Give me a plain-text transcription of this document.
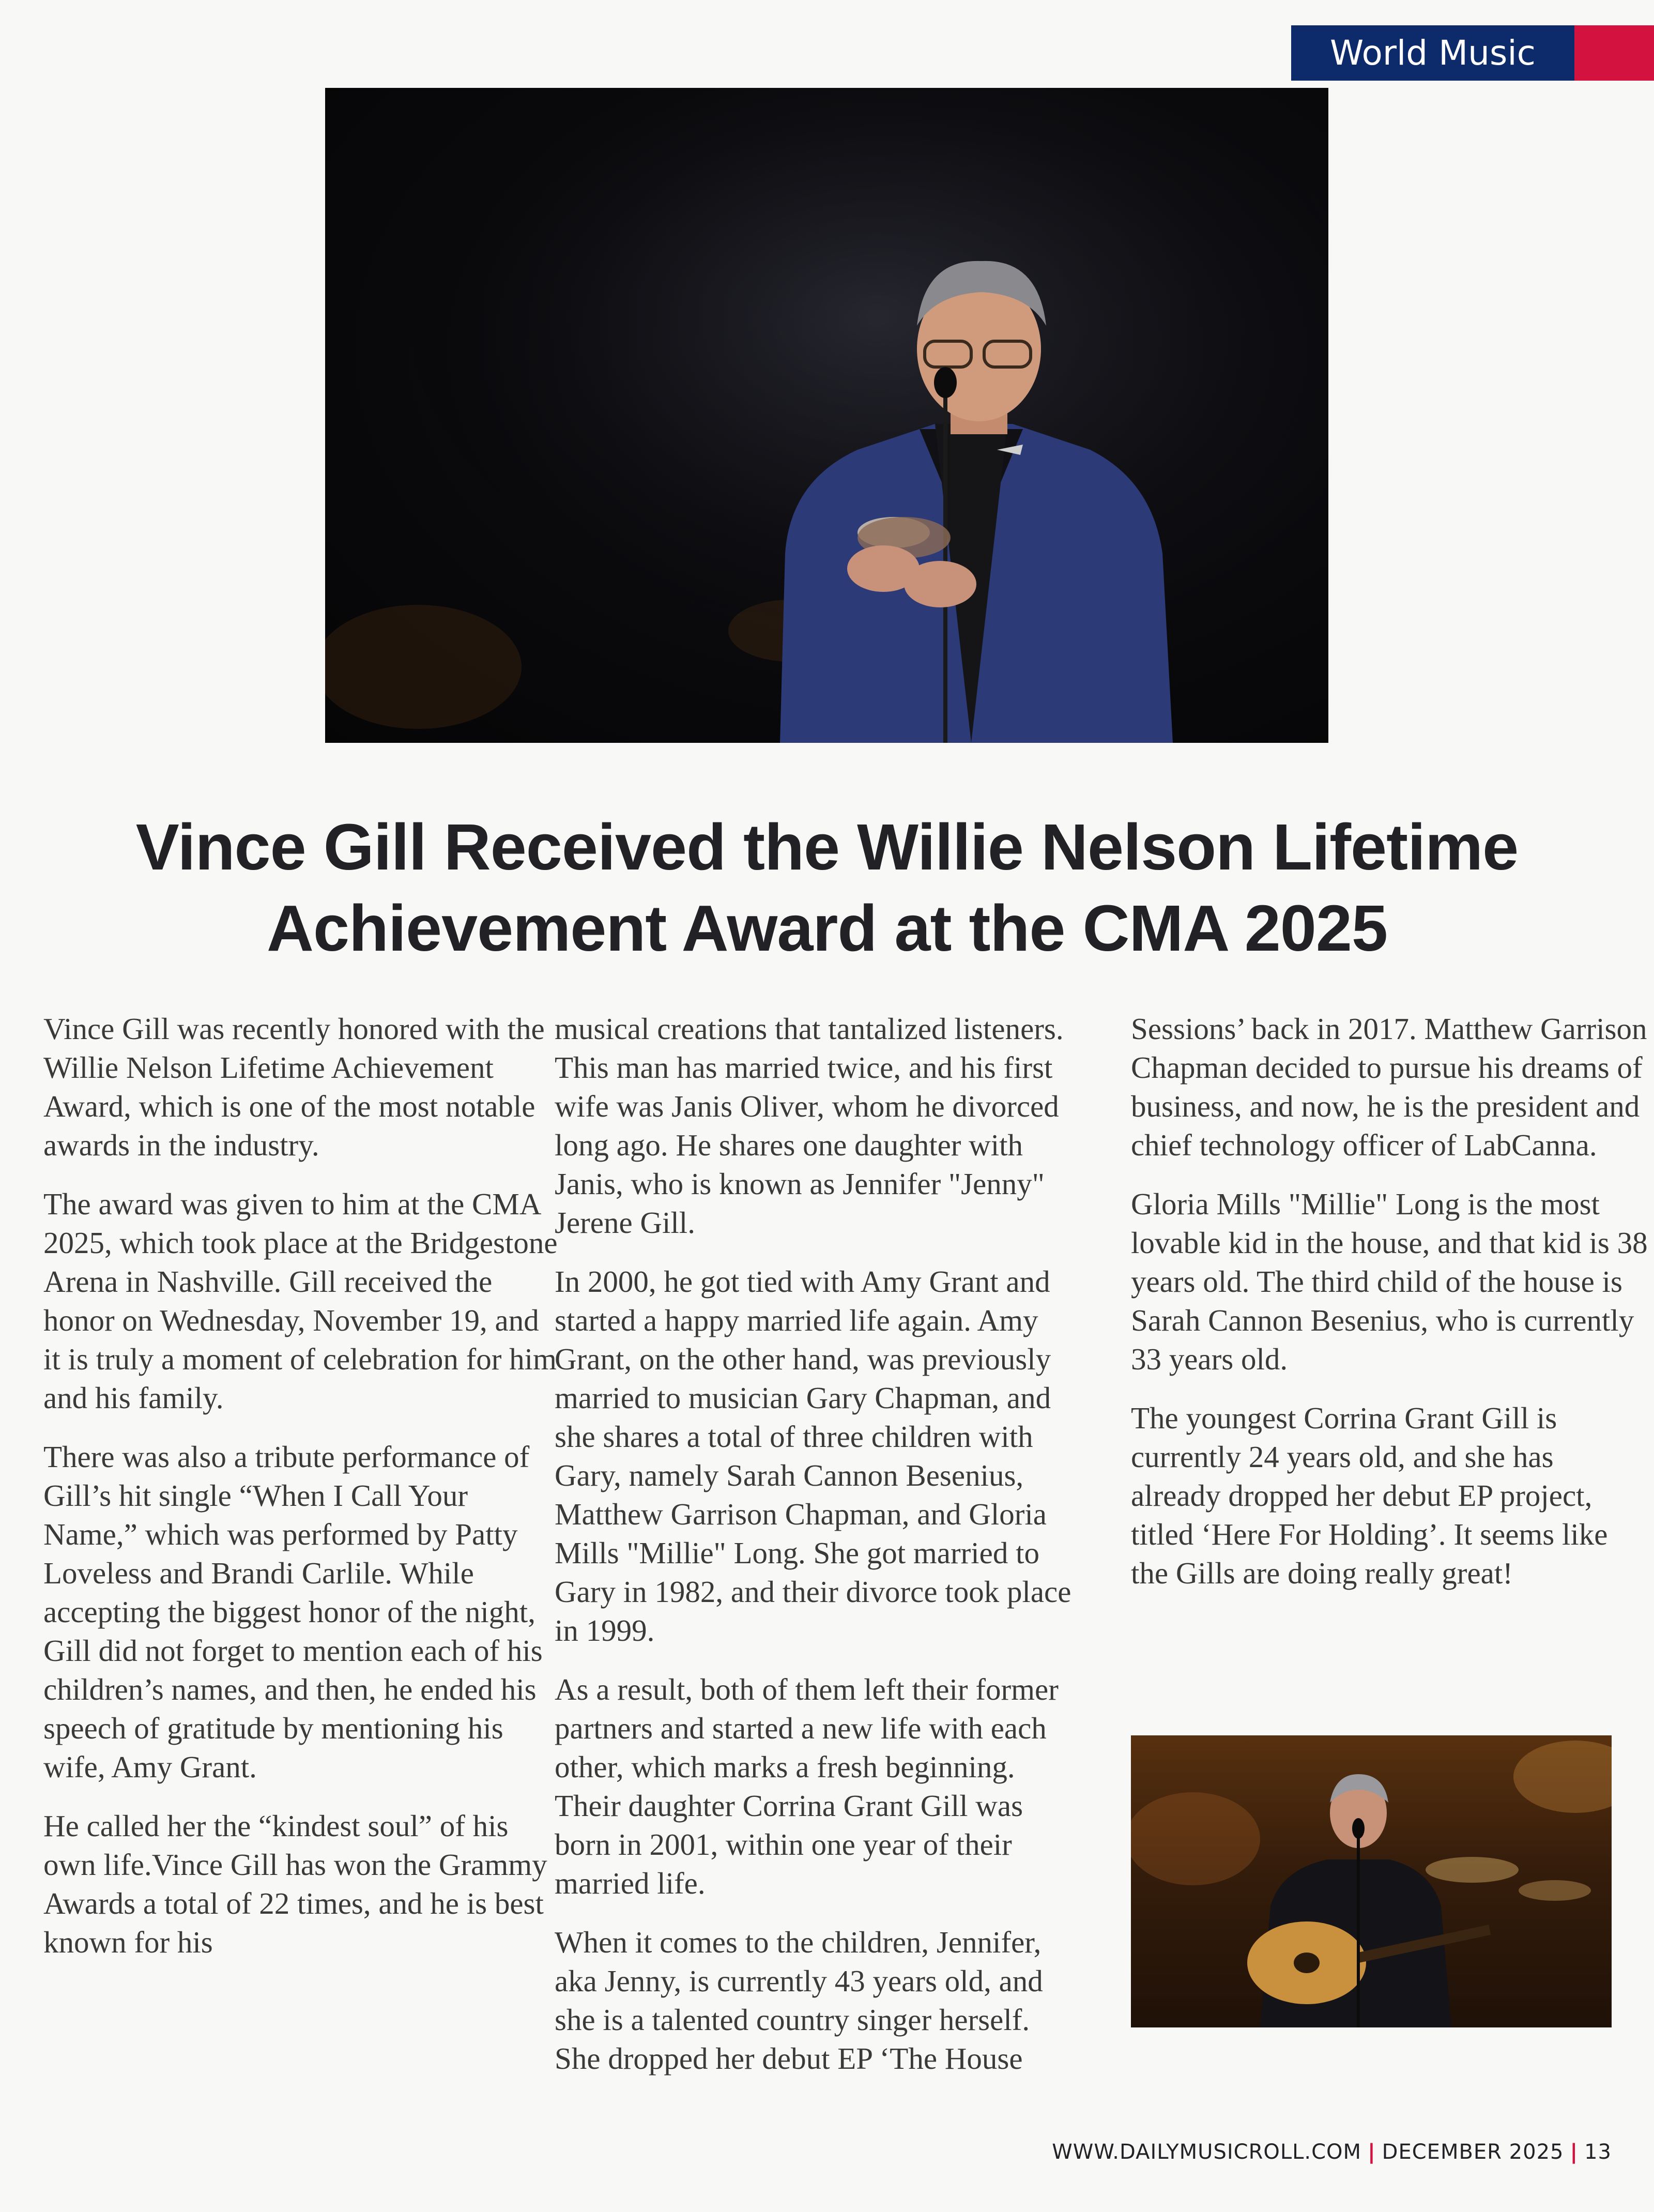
World Music
Vince Gill Received the Willie Nelson Lifetime Achievement Award at the CMA 2025

Vince Gill was recently honored with the Willie Nelson Lifetime Achievement Award, which is one of the most notable awards in the industry.

The award was given to him at the CMA 2025, which took place at the Bridgestone Arena in Nashville. Gill received the honor on Wednesday, November 19, and it is truly a moment of celebration for him and his family.

There was also a tribute performance of Gill’s hit single “When I Call Your Name,” which was performed by Patty Loveless and Brandi Carlile. While accepting the biggest honor of the night, Gill did not forget to mention each of his children’s names, and then, he ended his speech of gratitude by mentioning his wife, Amy Grant.

He called her the “kindest soul” of his own life.Vince Gill has won the Grammy Awards a total of 22 times, and he is best known for his

musical creations that tantalized listeners. This man has married twice, and his first wife was Janis Oliver, whom he divorced long ago. He shares one daughter with Janis, who is known as Jennifer "Jenny" Jerene Gill.

In 2000, he got tied with Amy Grant and started a happy married life again. Amy Grant, on the other hand, was previously married to musician Gary Chapman, and she shares a total of three children with Gary, namely Sarah Cannon Besenius, Matthew Garrison Chapman, and Gloria Mills "Millie" Long. She got married to Gary in 1982, and their divorce took place in 1999.

As a result, both of them left their former partners and started a new life with each other, which marks a fresh beginning. Their daughter Corrina Grant Gill was born in 2001, within one year of their married life.

When it comes to the children, Jennifer, aka Jenny, is currently 43 years old, and she is a talented country singer herself. She dropped her debut EP ‘The House

Sessions’ back in 2017. Matthew Garrison Chapman decided to pursue his dreams of business, and now, he is the president and chief technology officer of LabCanna.

Gloria Mills "Millie" Long is the most lovable kid in the house, and that kid is 38 years old. The third child of the house is Sarah Cannon Besenius, who is currently 33 years old.

The youngest Corrina Grant Gill is currently 24 years old, and she has already dropped her debut EP project, titled ‘Here For Holding’. It seems like the Gills are doing really great!

WWW.DAILYMUSICROLL.COM | DECEMBER 2025 | 13
